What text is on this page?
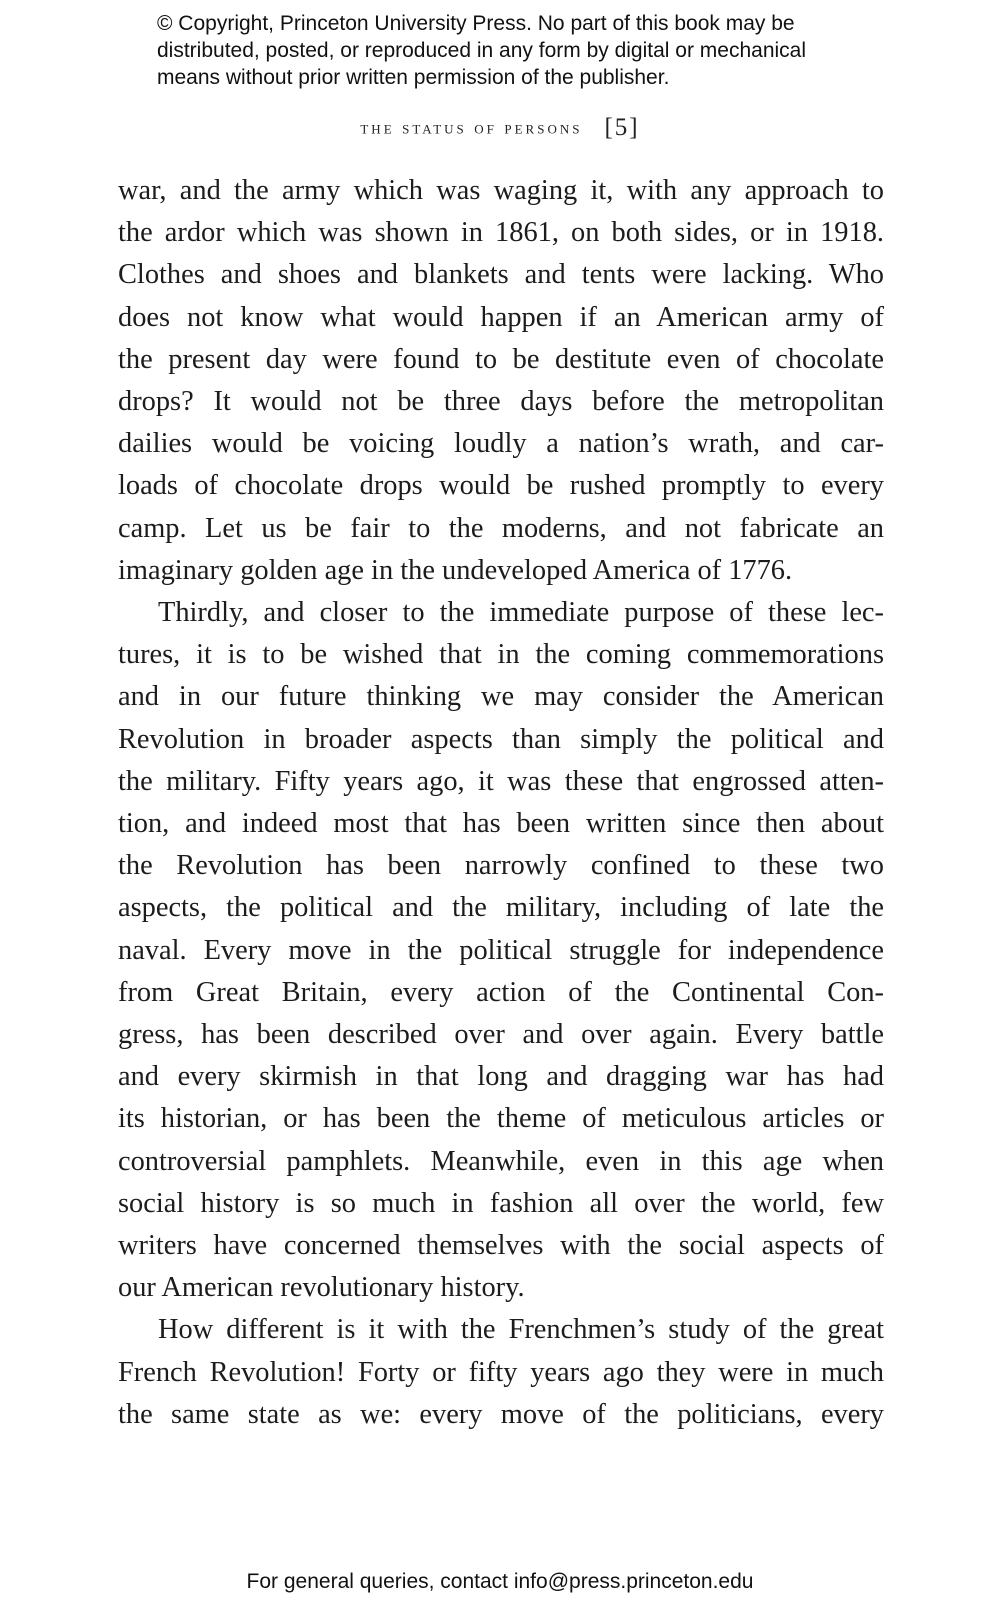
© Copyright, Princeton University Press. No part of this book may be
distributed, posted, or reproduced in any form by digital or mechanical
means without prior written permission of the publisher.
the status of persons [5]
war, and the army which was waging it, with any approach to
the ardor which was shown in 1861, on both sides, or in 1918.
Clothes and shoes and blankets and tents were lacking. Who
does not know what would happen if an American army of
the present day were found to be destitute even of chocolate
drops? It would not be three days before the metropolitan
dailies would be voicing loudly a nation’s wrath, and car-
loads of chocolate drops would be rushed promptly to every
camp. Let us be fair to the moderns, and not fabricate an
imaginary golden age in the undeveloped America of 1776.
Thirdly, and closer to the immediate purpose of these lec-
tures, it is to be wished that in the coming commemorations
and in our future thinking we may consider the American
Revolution in broader aspects than simply the political and
the military. Fifty years ago, it was these that engrossed atten-
tion, and indeed most that has been written since then about
the Revolution has been narrowly confined to these two
aspects, the political and the military, including of late the
naval. Every move in the political struggle for independence
from Great Britain, every action of the Continental Con-
gress, has been described over and over again. Every battle
and every skirmish in that long and dragging war has had
its historian, or has been the theme of meticulous articles or
controversial pamphlets. Meanwhile, even in this age when
social history is so much in fashion all over the world, few
writers have concerned themselves with the social aspects of
our American revolutionary history.
How different is it with the Frenchmen’s study of the great
French Revolution! Forty or fifty years ago they were in much
the same state as we: every move of the politicians, every
For general queries, contact info@press.princeton.edu
